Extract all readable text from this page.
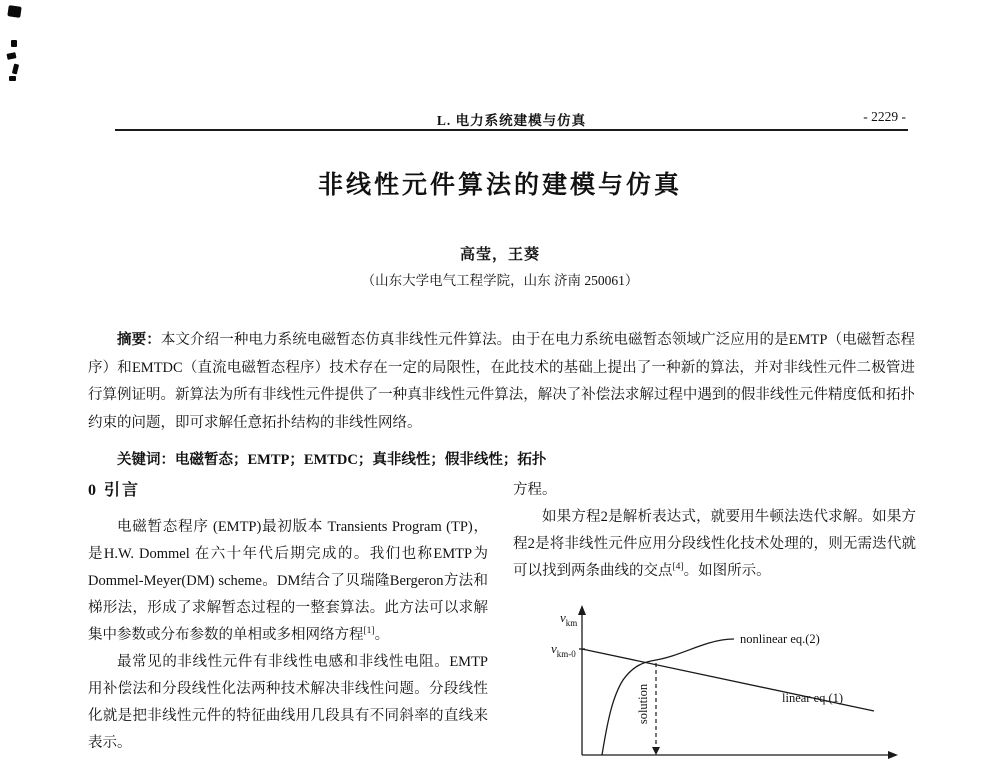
L. 电力系统建模与仿真	- 2229 -
非线性元件算法的建模与仿真
高莹，王葵
（山东大学电气工程学院，山东 济南 250061）

摘要：本文介绍一种电力系统电磁暂态仿真非线性元件算法。由于在电力系统电磁暂态领域广泛应用的是EMTP（电磁暂态程序）和EMTDC（直流电磁暂态程序）技术存在一定的局限性，在此技术的基础上提出了一种新的算法，并对非线性元件二极管进行算例证明。新算法为所有非线性元件提供了一种真非线性元件算法，解决了补偿法求解过程中遇到的假非线性元件精度低和拓扑约束的问题，即可求解任意拓扑结构的非线性网络。

关键词：电磁暂态；EMTP；EMTDC；真非线性；假非线性；拓扑

0 引言

电磁暂态程序 (EMTP)最初版本 Transients Program (TP)，是H.W. Dommel 在六十年代后期完成的。我们也称EMTP为Dommel-Meyer(DM) scheme。DM结合了贝瑞隆Bergeron方法和梯形法，形成了求解暂态过程的一整套算法。此方法可以求解集中参数或分布参数的单相或多相网络方程[1]。

最常见的非线性元件有非线性电感和非线性电阻。EMTP用补偿法和分段线性化法两种技术解决非线性问题。分段线性化就是把非线性元件的特征曲线用几段具有不同斜率的直线来表示。

方程。

如果方程2是解析表达式，就要用牛顿法迭代求解。如果方程2是将非线性元件应用分段线性化技术处理的，则无需迭代就可以找到两条曲线的交点[4]。如图所示。

$v_{km}$
$v_{km-0}$
solution
nonlinear eq.(2)
linear eq.(1)
